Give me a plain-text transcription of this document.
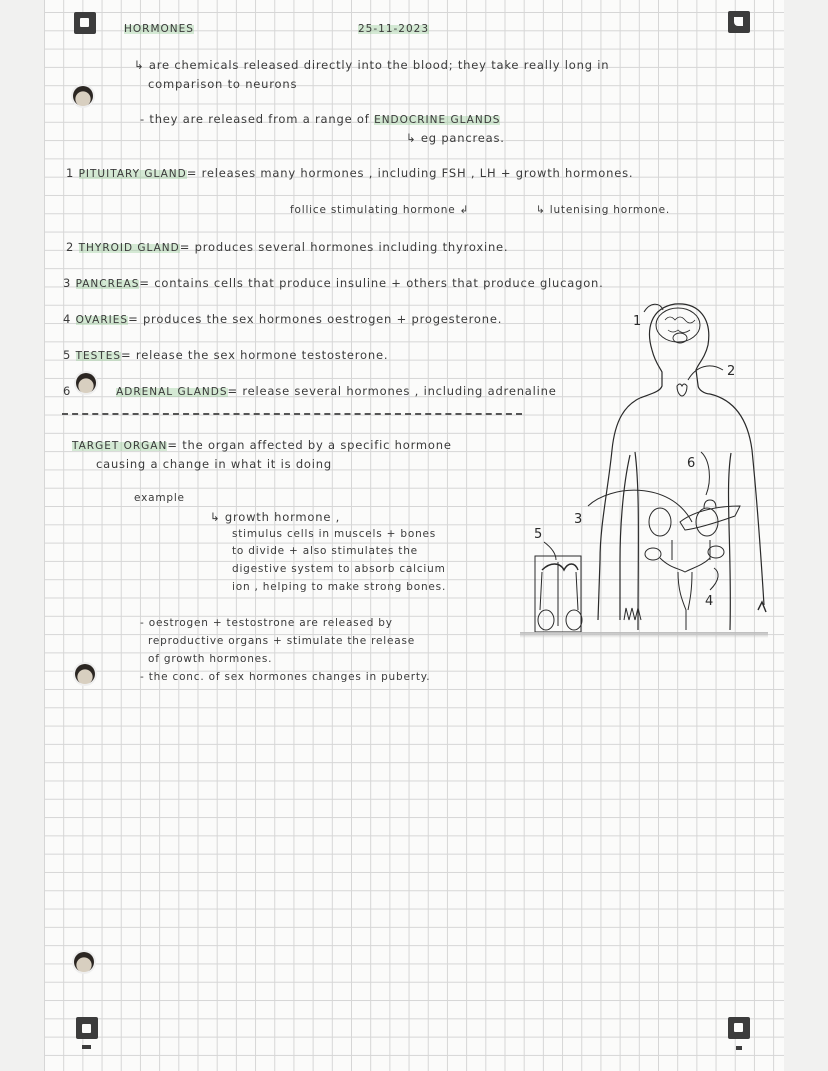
HORMONES	25-11-2023
↳ are chemicals released directly into the blood; they take really long in
comparison to neurons
- they are released from a range of ENDOCRINE GLANDS
↳ eg pancreas.
1 PITUITARY GLAND= releases many hormones , including FSH , LH + growth hormones.
follice stimulating hormone ↲	↳ lutenising hormone.
2 THYROID GLAND= produces several hormones including thyroxine.
3 PANCREAS= contains cells that produce insuline + others that produce glucagon.
4 OVARIES= produces the sex hormones oestrogen + progesterone.
5 TESTES= release the sex hormone testosterone.
6	ADRENAL GLANDS= release several hormones , including adrenaline
TARGET ORGAN= the organ affected by a specific hormone
causing a change in what it is doing
example
↳ growth hormone ,
stimulus cells in muscels + bones
to divide + also stimulates the
digestive system to absorb calcium
ion , helping to make strong bones.
- oestrogen + testostrone are released by
reproductive organs + stimulate the release
of growth hormones.
- the conc. of sex hormones changes in puberty.
1
2
6
3
4
5
